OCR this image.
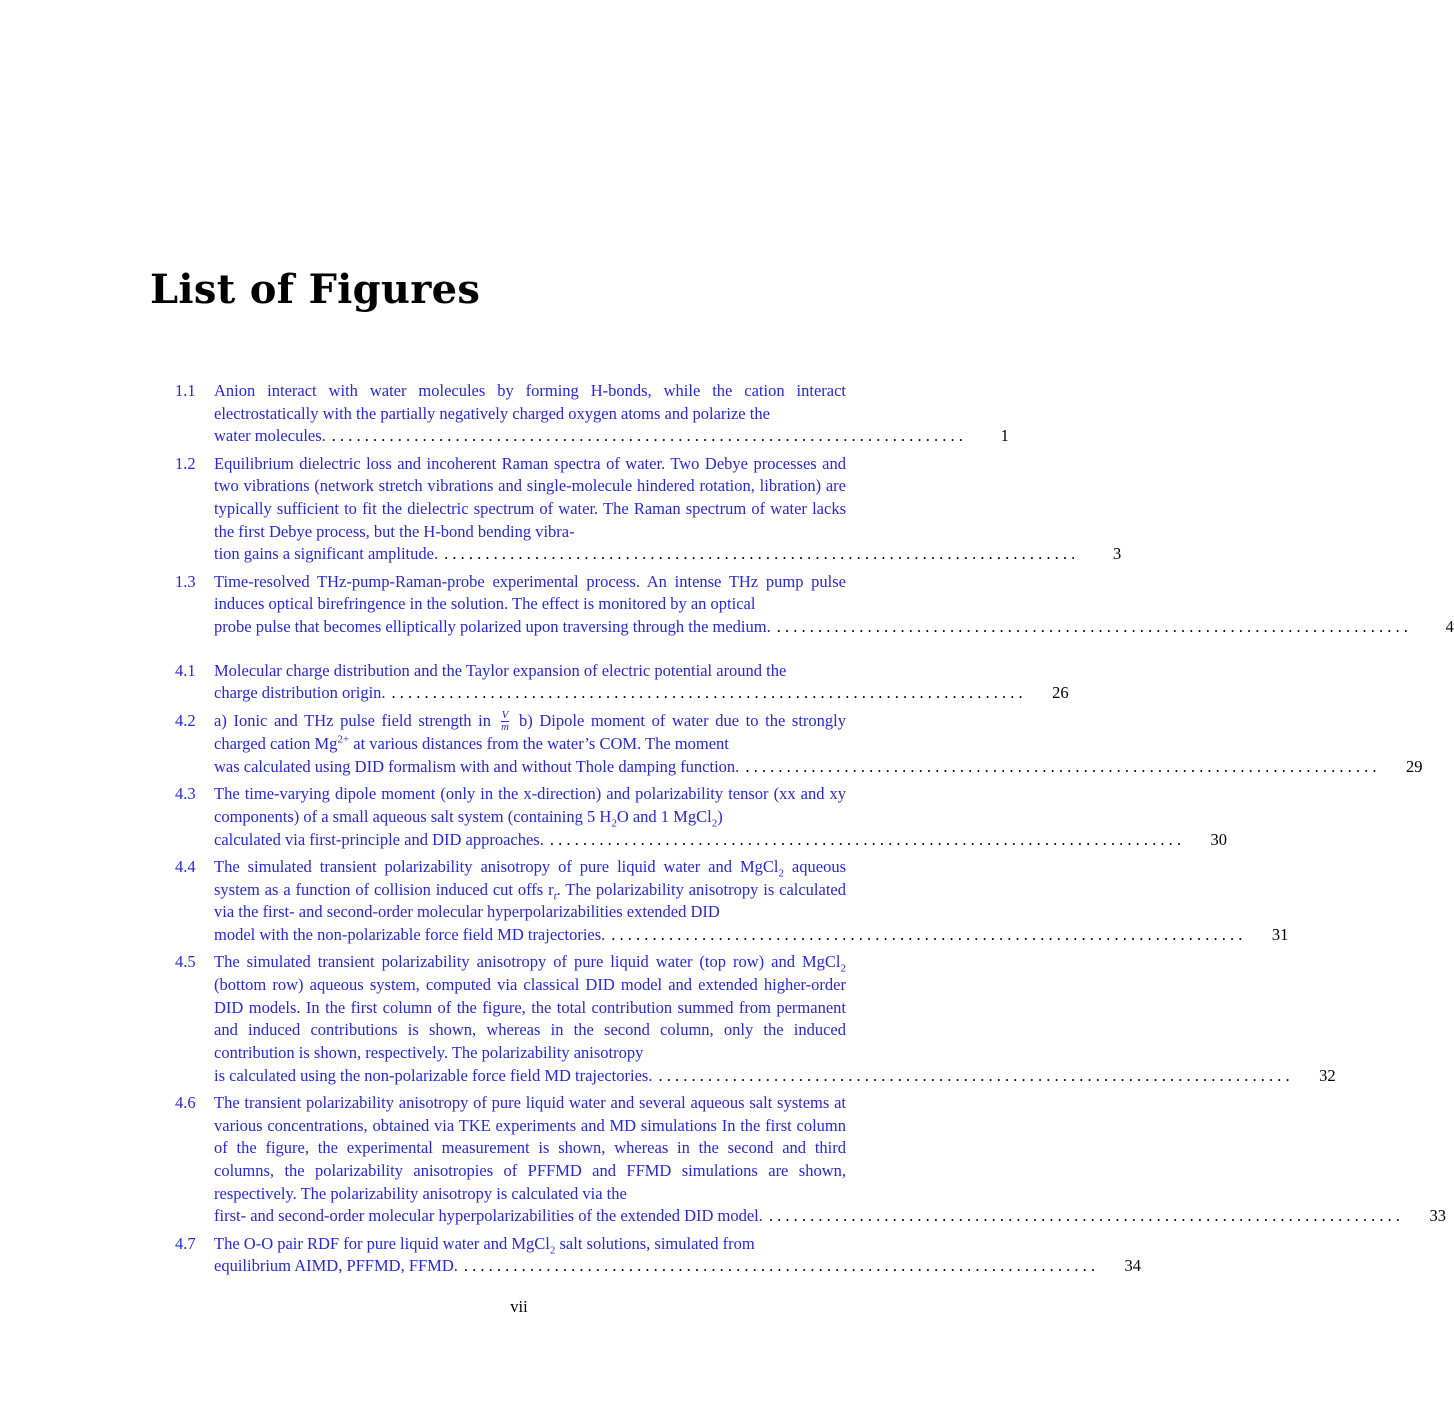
List of Figures
1.1 Anion interact with water molecules by forming H-bonds, while the cation interact electrostatically with the partially negatively charged oxygen atoms and polarize the
water molecules. . . . . . . . . . . . . . . . . . . . . . . . . . . . . . . . . . . . . . . . . . . . . . . . . . . . . . . . . . . . . . . . . . . . . . . . . . . . . .	1
1.2 Equilibrium dielectric loss and incoherent Raman spectra of water. Two Debye processes and two vibrations (network stretch vibrations and single-molecule hindered rotation, libration) are typically sufficient to fit the dielectric spectrum of water. The Raman spectrum of water lacks the first Debye process, but the H-bond bending vibra-
tion gains a significant amplitude. . . . . . . . . . . . . . . . . . . . . . . . . . . . . . . . . . . . . . . . . . . . . . . . . . . . . . . . . . . . . . . . . . . . . . . . . . . . . .	3
1.3 Time-resolved THz-pump-Raman-probe experimental process. An intense THz pump pulse induces optical birefringence in the solution. The effect is monitored by an optical
probe pulse that becomes elliptically polarized upon traversing through the medium. . . . . . . . . . . . . . . . . . . . . . . . . . . . . . . . . . . . . . . . . . . . . . . . . . . . . . . . . . . . . . . . . . . . . . . . . . . . . .	4
4.1 Molecular charge distribution and the Taylor expansion of electric potential around the
charge distribution origin. . . . . . . . . . . . . . . . . . . . . . . . . . . . . . . . . . . . . . . . . . . . . . . . . . . . . . . . . . . . . . . . . . . . . . . . . . . . . .	26
4.2 a) Ionic and THz pulse field strength in $\frac{V}{m} b$) Dipole moment of water due to the strongly charged cation $Mg^{2+}$ at various distances from the water’s COM. The moment
was calculated using DID formalism with and without Thole damping function. . . . . . . . . . . . . . . . . . . . . . . . . . . . . . . . . . . . . . . . . . . . . . . . . . . . . . . . . . . . . . . . . . . . . . . . . . . . . .	29
4.3 The time-varying dipole moment (only in the x-direction) and polarizability tensor (xx and xy components) of a small aqueous salt system (containing 5 $H_2O$ and 1 MgCl$_2$)
calculated via first-principle and DID approaches. . . . . . . . . . . . . . . . . . . . . . . . . . . . . . . . . . . . . . . . . . . . . . . . . . . . . . . . . . . . . . . . . . . . . . . . . . . . . .	30
4.4 The simulated transient polarizability anisotropy of pure liquid water and MgCl$_2$ aqueous system as a function of collision induced cut offs $r_t$. The polarizability anisotropy is calculated via the first- and second-order molecular hyperpolarizabilities extended DID
model with the non-polarizable force field MD trajectories. . . . . . . . . . . . . . . . . . . . . . . . . . . . . . . . . . . . . . . . . . . . . . . . . . . . . . . . . . . . . . . . . . . . . . . . . . . . . .	31
4.5 The simulated transient polarizability anisotropy of pure liquid water (top row) and MgCl$_2$ (bottom row) aqueous system, computed via classical DID model and extended higher-order DID models. In the first column of the figure, the total contribution summed from permanent and induced contributions is shown, whereas in the second column, only the induced contribution is shown, respectively. The polarizability anisotropy
is calculated using the non-polarizable force field MD trajectories. . . . . . . . . . . . . . . . . . . . . . . . . . . . . . . . . . . . . . . . . . . . . . . . . . . . . . . . . . . . . . . . . . . . . . . . . . . . . .	32
4.6 The transient polarizability anisotropy of pure liquid water and several aqueous salt systems at various concentrations, obtained via TKE experiments and MD simulations In the first column of the figure, the experimental measurement is shown, whereas in the second and third columns, the polarizability anisotropies of PFFMD and FFMD simulations are shown, respectively. The polarizability anisotropy is calculated via the
first- and second-order molecular hyperpolarizabilities of the extended DID model. . . . . . . . . . . . . . . . . . . . . . . . . . . . . . . . . . . . . . . . . . . . . . . . . . . . . . . . . . . . . . . . . . . . . . . . . . . . . .	33
4.7 The O-O pair RDF for pure liquid water and MgCl$_2$ salt solutions, simulated from
equilibrium AIMD, PFFMD, FFMD. . . . . . . . . . . . . . . . . . . . . . . . . . . . . . . . . . . . . . . . . . . . . . . . . . . . . . . . . . . . . . . . . . . . . . . . . . . . . .	34
vii
